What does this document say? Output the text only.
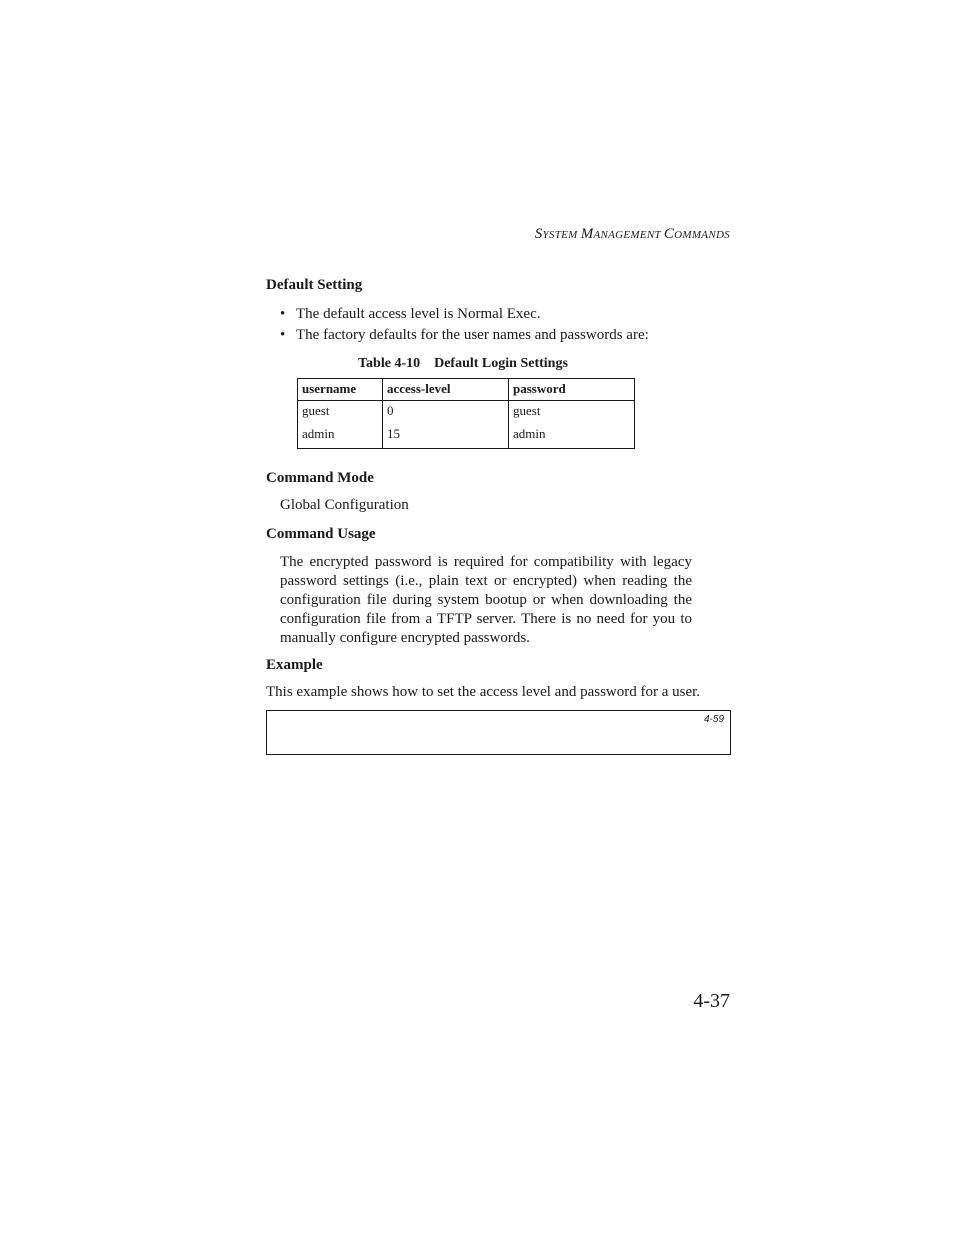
SYSTEM MANAGEMENT COMMANDS
Default Setting
• The default access level is Normal Exec.
• The factory defaults for the user names and passwords are:
Table 4-10 Default Login Settings
username	access-level	password
guest	0	guest
admin	15	admin
Command Mode
Global Configuration
Command Usage
The encrypted password is required for compatibility with legacy
password settings (i.e., plain text or encrypted) when reading the
configuration file during system bootup or when downloading the
configuration file from a TFTP server. There is no need for you to
manually configure encrypted passwords.
Example
This example shows how to set the access level and password for a user.
4-59
4-37
